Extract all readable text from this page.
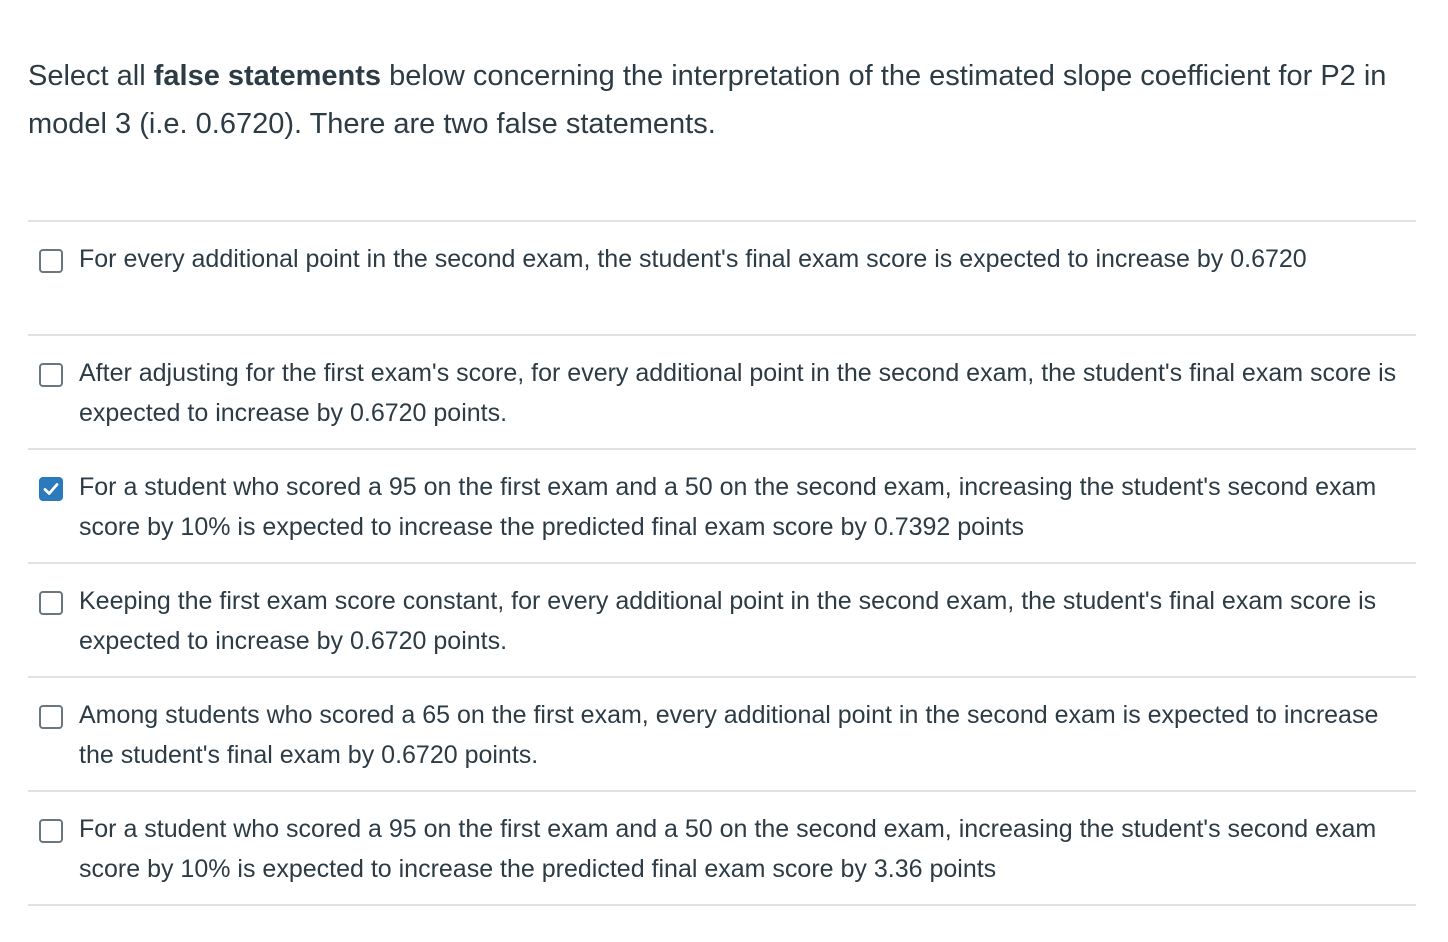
Select all false statements below concerning the interpretation of the estimated slope coefficient for P2 in model 3 (i.e. 0.6720). There are two false statements.

For every additional point in the second exam, the student's final exam score is expected to increase by 0.6720
After adjusting for the first exam's score, for every additional point in the second exam, the student's final exam score is expected to increase by 0.6720 points.
For a student who scored a 95 on the first exam and a 50 on the second exam, increasing the student's second exam score by 10% is expected to increase the predicted final exam score by 0.7392 points
Keeping the first exam score constant, for every additional point in the second exam, the student's final exam score is expected to increase by 0.6720 points.
Among students who scored a 65 on the first exam, every additional point in the second exam is expected to increase the student's final exam by 0.6720 points.
For a student who scored a 95 on the first exam and a 50 on the second exam, increasing the student's second exam score by 10% is expected to increase the predicted final exam score by 3.36 points
